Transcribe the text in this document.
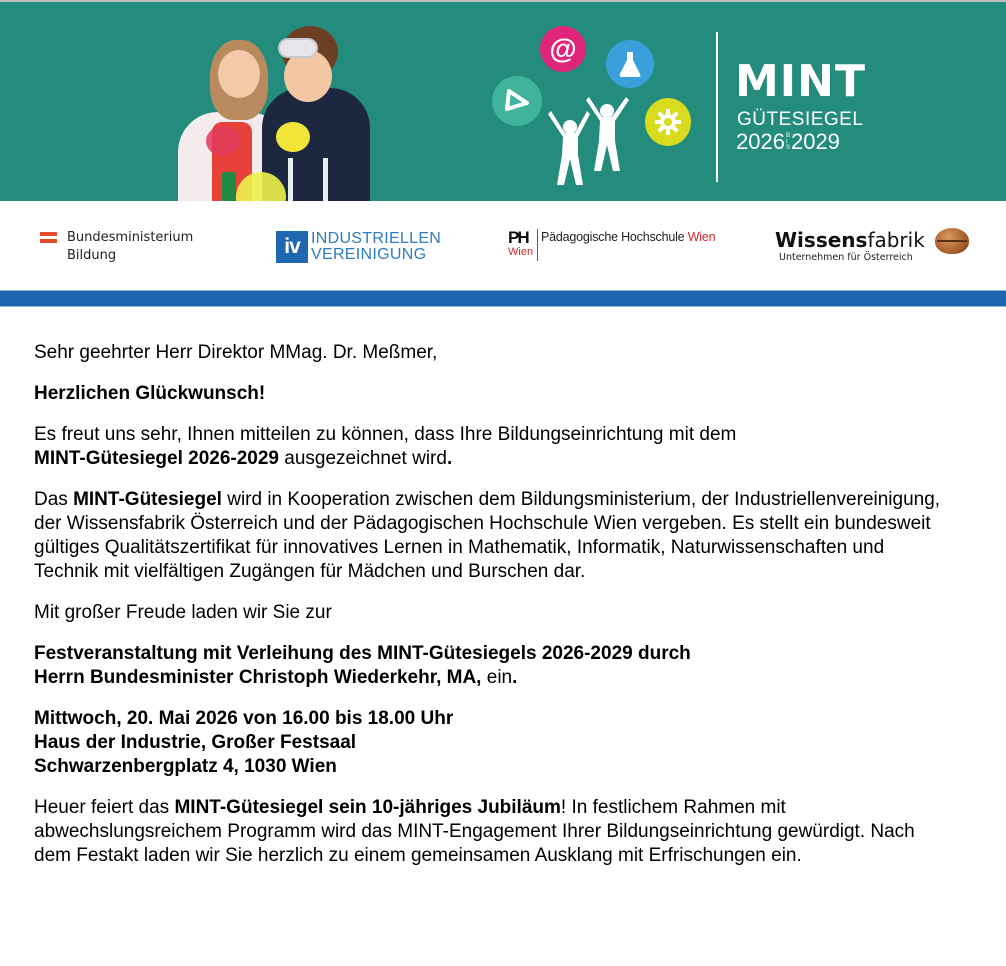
@
MINT
GÜTESIEGEL
2026 B
I
S 2029
Bundesministerium
Bildung	iv INDUSTRIELLEN
VEREINIGUNG
PH
Wien
Pädagogische Hochschule Wien	Wissensfabrik
Unternehmen für Österreich

Sehr geehrter Herr Direktor MMag. Dr. Meßmer,

Herzlichen Glückwunsch!

Es freut uns sehr, Ihnen mitteilen zu können, dass Ihre Bildungseinrichtung mit dem
MINT-Gütesiegel 2026-2029 ausgezeichnet wird.

Das MINT-Gütesiegel wird in Kooperation zwischen dem Bildungsministerium, der Industriellenvereinigung, der Wissensfabrik Österreich und der Pädagogischen Hochschule Wien vergeben. Es stellt ein bundesweit gültiges Qualitätszertifikat für innovatives Lernen in Mathematik, Informatik, Naturwissenschaften und Technik mit vielfältigen Zugängen für Mädchen und Burschen dar.

Mit großer Freude laden wir Sie zur

Festveranstaltung mit Verleihung des MINT-Gütesiegels 2026-2029 durch
Herrn Bundesminister Christoph Wiederkehr, MA, ein.

Mittwoch, 20. Mai 2026 von 16.00 bis 18.00 Uhr
Haus der Industrie, Großer Festsaal
Schwarzenbergplatz 4, 1030 Wien

Heuer feiert das MINT-Gütesiegel sein 10-jähriges Jubiläum! In festlichem Rahmen mit abwechslungsreichem Programm wird das MINT-Engagement Ihrer Bildungseinrichtung gewürdigt. Nach dem Festakt laden wir Sie herzlich zu einem gemeinsamen Ausklang mit Erfrischungen ein.
